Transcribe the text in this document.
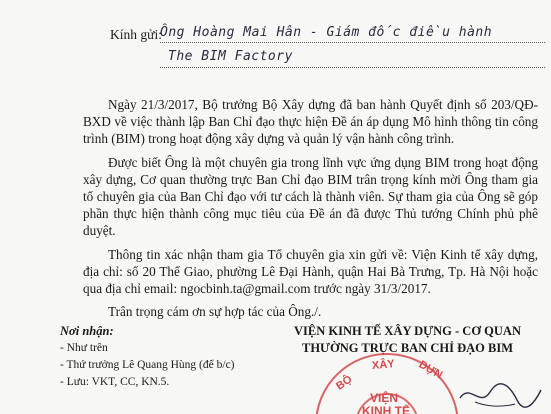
Kính gửi:
Ông Hoàng Mai Hân - Giám đốc điều hành
The BIM Factory

Ngày 21/3/2017, Bộ trưởng Bộ Xây dựng đã ban hành Quyết định số 203/QĐ-BXD về việc thành lập Ban Chỉ đạo thực hiện Đề án áp dụng Mô hình thông tin công trình (BIM) trong hoạt động xây dựng và quản lý vận hành công trình.

Được biết Ông là một chuyên gia trong lĩnh vực ứng dụng BIM trong hoạt động xây dựng, Cơ quan thường trực Ban Chỉ đạo BIM trân trọng kính mời Ông tham gia tổ chuyên gia của Ban Chỉ đạo với tư cách là thành viên. Sự tham gia của Ông sẽ góp phần thực hiện thành công mục tiêu của Đề án đã được Thủ tướng Chính phủ phê duyệt.

Thông tin xác nhận tham gia Tổ chuyên gia xin gửi về: Viện Kinh tế xây dựng, địa chỉ: số 20 Thể Giao, phường Lê Đại Hành, quận Hai Bà Trưng, Tp. Hà Nội hoặc qua địa chỉ email: ngocbinh.ta@gmail.com trước ngày 31/3/2017.

Trân trọng cám ơn sự hợp tác của Ông./.

Nơi nhận:
- Như trên
- Thứ trưởng Lê Quang Hùng (để b/c)
- Lưu: VKT, CC, KN.5.
VIỆN KINH TẾ XÂY DỰNG - CƠ QUAN
THƯỜNG TRỰC BAN CHỈ ĐẠO BIM
BỘ
XÂY DỰN
VIỆN
KINH TẾ
